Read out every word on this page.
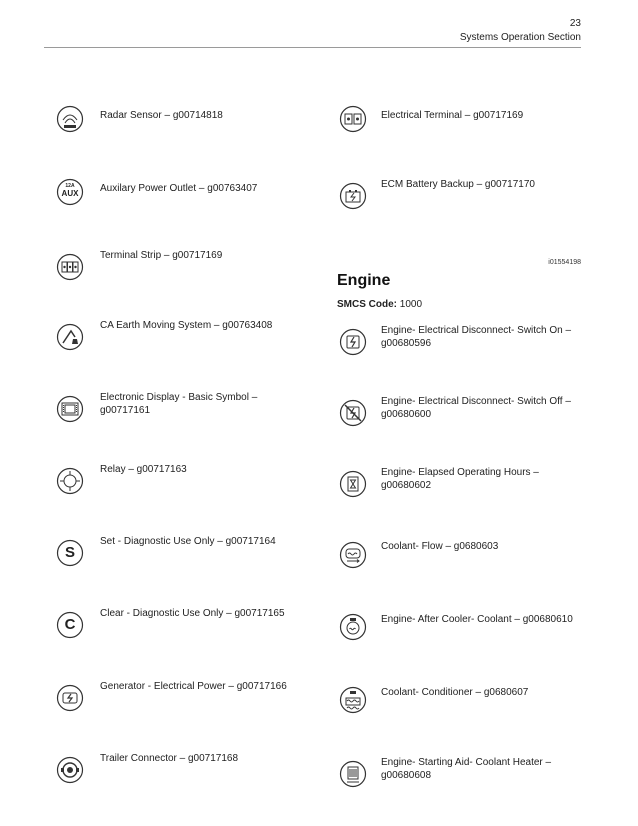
23
Systems Operation Section
Radar Sensor – g00714818
12A
AUX	Auxilary Power Outlet – g00763407
Terminal Strip – g00717169
CA Earth Moving System – g00763408
Electronic Display - Basic Symbol – g00717161
Relay – g00717163
S
Set - Diagnostic Use Only – g00717164
C
Clear - Diagnostic Use Only – g00717165
Generator - Electrical Power – g00717166
Trailer Connector – g00717168
Electrical Terminal – g00717169
ECM Battery Backup – g00717170
i01554198
Engine
SMCS Code: 1000
Engine- Electrical Disconnect- Switch On – g00680596
Engine- Electrical Disconnect- Switch Off – g00680600
Engine- Elapsed Operating Hours – g00680602
Coolant- Flow – g0680603
Engine- After Cooler- Coolant – g00680610
Coolant- Conditioner – g0680607
Engine- Starting Aid- Coolant Heater – g00680608
